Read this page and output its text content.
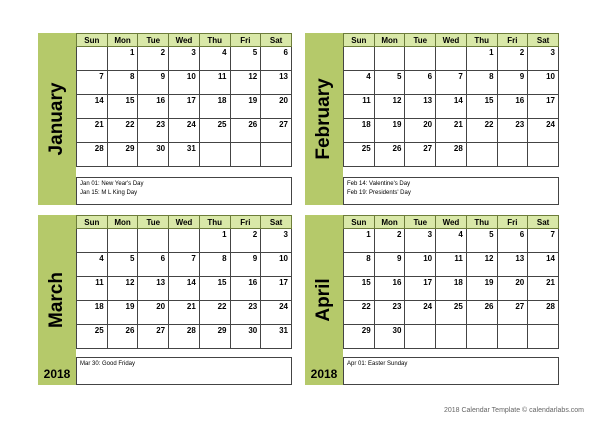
January
Sun	Mon	Tue	Wed	Thu	Fri	Sat
	1	2	3	4	5	6
7	8	9	10	11	12	13
14	15	16	17	18	19	20
21	22	23	24	25	26	27
28	29	30	31			
Jan 01: New Year's Day
Jan 15: M L King Day
February
Sun	Mon	Tue	Wed	Thu	Fri	Sat
				1	2	3
4	5	6	7	8	9	10
11	12	13	14	15	16	17
18	19	20	21	22	23	24
25	26	27	28			
Feb 14: Valentine's Day
Feb 19: Presidents' Day
March
2018
Sun	Mon	Tue	Wed	Thu	Fri	Sat
				1	2	3
4	5	6	7	8	9	10
11	12	13	14	15	16	17
18	19	20	21	22	23	24
25	26	27	28	29	30	31
Mar 30: Good Friday
April
2018
Sun	Mon	Tue	Wed	Thu	Fri	Sat
1	2	3	4	5	6	7
8	9	10	11	12	13	14
15	16	17	18	19	20	21
22	23	24	25	26	27	28
29	30					
Apr 01: Easter Sunday
2018 Calendar Template © calendarlabs.com
